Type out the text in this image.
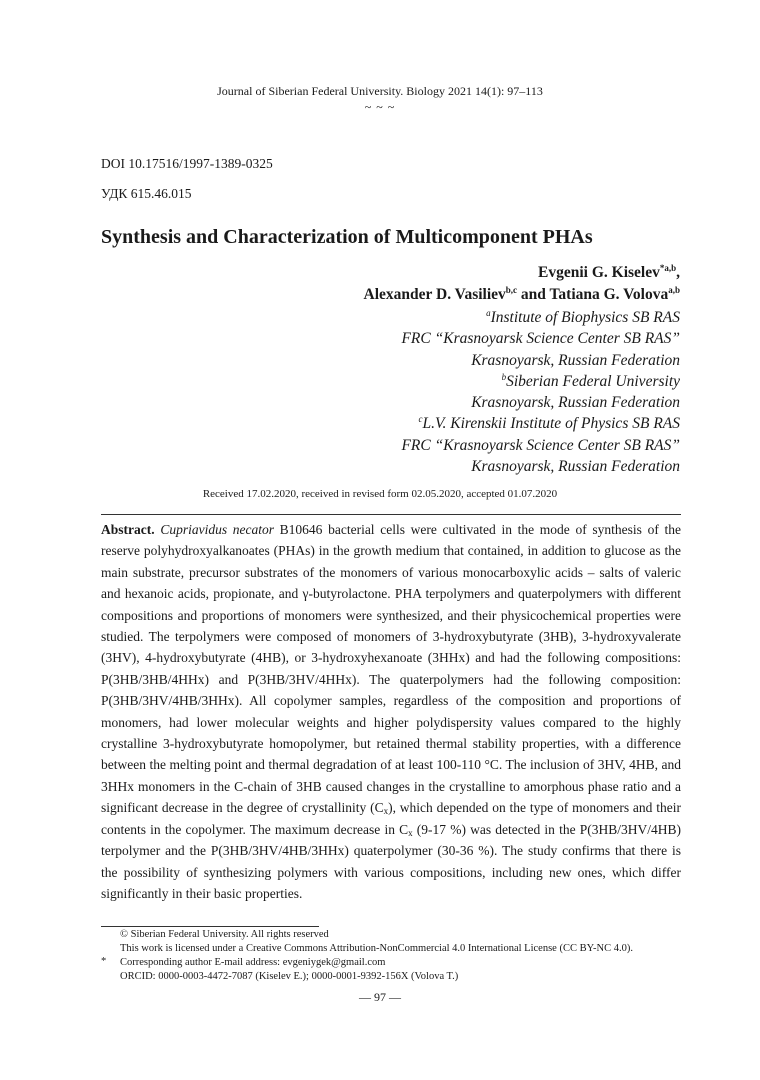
Journal of Siberian Federal University. Biology 2021 14(1): 97–113
~ ~ ~
DOI 10.17516/1997-1389-0325
УДК 615.46.015
Synthesis and Characterization of Multicomponent PHAs
Evgenii G. Kiselev$^{*a,b}$,
Alexander D. Vasiliev$^{b,c}$ and Tatiana G. Volova$^{a,b}$
$^a$Institute of Biophysics SB RAS
FRC “Krasnoyarsk Science Center SB RAS”
Krasnoyarsk, Russian Federation
$^b$Siberian Federal University
Krasnoyarsk, Russian Federation
$^c$L.V. Kirenskii Institute of Physics SB RAS
FRC “Krasnoyarsk Science Center SB RAS”
Krasnoyarsk, Russian Federation
Received 17.02.2020, received in revised form 02.05.2020, accepted 01.07.2020
Abstract. Cupriavidus necator B10646 bacterial cells were cultivated in the mode of synthesis of the reserve polyhydroxyalkanoates (PHAs) in the growth medium that contained, in addition to glucose as the main substrate, precursor substrates of the monomers of various monocarboxylic acids – salts of valeric and hexanoic acids, propionate, and γ-butyrolactone. PHA terpolymers and quaterpolymers with different compositions and proportions of monomers were synthesized, and their physicochemical properties were studied. The terpolymers were composed of monomers of 3-hydroxybutyrate (3HB), 3-hydroxyvalerate (3HV), 4-hydroxybutyrate (4HB), or 3-hydroxyhexanoate (3HHx) and had the following compositions: P(3HB/3HB/4HHx) and P(3HB/3HV/4HHx). The quaterpolymers had the following composition: P(3HB/3HV/4HB/3HHx). All copolymer samples, regardless of the composition and proportions of monomers, had lower molecular weights and higher polydispersity values compared to the highly crystalline 3-hydroxybutyrate homopolymer, but retained thermal stability properties, with a difference between the melting point and thermal degradation of at least 100-110 °C. The inclusion of 3HV, 4HB, and 3HHx monomers in the C-chain of 3HB caused changes in the crystalline to amorphous phase ratio and a significant decrease in the degree of crystallinity $(C_x)$, which depended on the type of monomers and their contents in the copolymer. The maximum decrease in $C_x$ (9-17 %) was detected in the P(3HB/3HV/4HB) terpolymer and the P(3HB/3HV/4HB/3HHx) quaterpolymer (30-36 %). The study confirms that there is the possibility of synthesizing polymers with various compositions, including new ones, which differ significantly in their basic properties.
© Siberian Federal University. All rights reserved
This work is licensed under a Creative Commons Attribution-NonCommercial 4.0 International License (CC BY-NC 4.0).
* Corresponding author E-mail address: evgeniygek@gmail.com
ORCID: 0000-0003-4472-7087 (Kiselev E.); 0000-0001-9392-156X (Volova T.)
— 97 —
